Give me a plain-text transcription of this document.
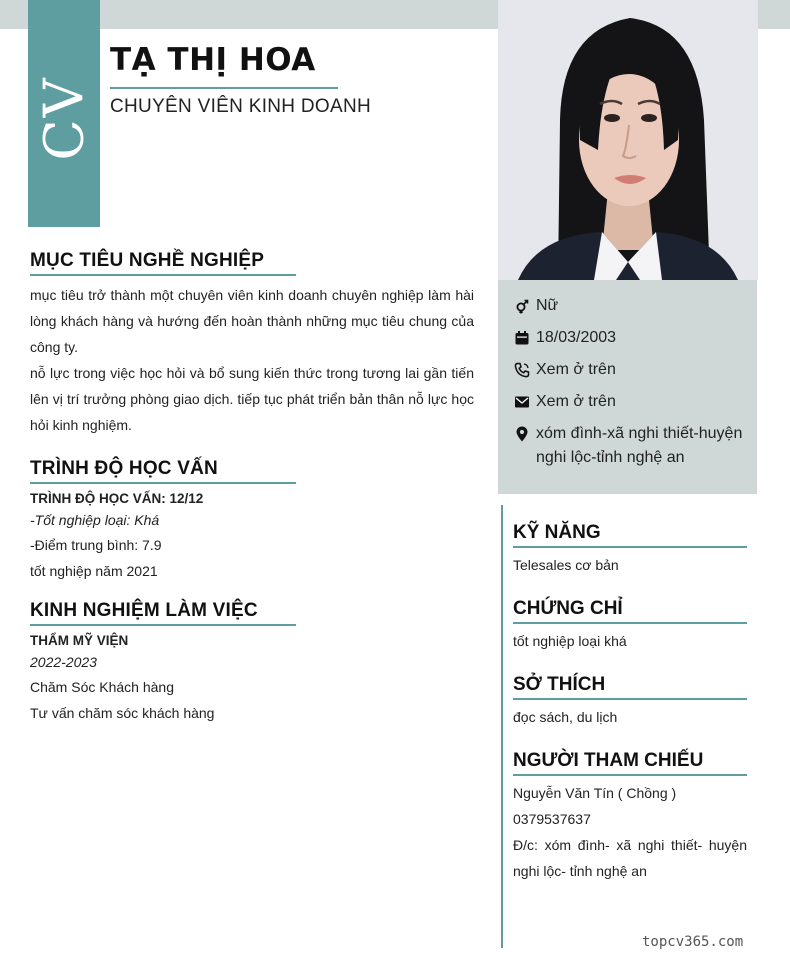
CV
TẠ THỊ HOA
CHUYÊN VIÊN KINH DOANH
Nữ
18/03/2003
Xem ở trên
Xem ở trên
xóm đình-xã nghi thiết-huyện nghi lộc-tỉnh nghệ an
MỤC TIÊU NGHỀ NGHIỆP
mục tiêu trở thành một chuyên viên kinh doanh chuyên nghiệp làm hài lòng khách hàng và hướng đến hoàn thành những mục tiêu chung của công ty.
nỗ lực trong việc học hỏi và bổ sung kiến thức trong tương lai gần tiến lên vị trí trưởng phòng giao dịch. tiếp tục phát triển bản thân nỗ lực học hỏi kinh nghiệm.
TRÌNH ĐỘ HỌC VẤN
TRÌNH ĐỘ HỌC VẤN: 12/12
-Tốt nghiệp loại: Khá
-Điểm trung bình: 7.9
tốt nghiệp năm 2021
KINH NGHIỆM LÀM VIỆC
THẨM MỸ VIỆN
2022-2023
Chăm Sóc Khách hàng
Tư vấn chăm sóc khách hàng
KỸ NĂNG
Telesales cơ bản
CHỨNG CHỈ
tốt nghiệp loại khá
SỞ THÍCH
đọc sách, du lịch
NGƯỜI THAM CHIẾU
Nguyễn Văn Tín ( Chồng )
0379537637
Đ/c: xóm đình- xã nghi thiết- huyện nghi lộc- tỉnh nghệ an
topcv365.com
